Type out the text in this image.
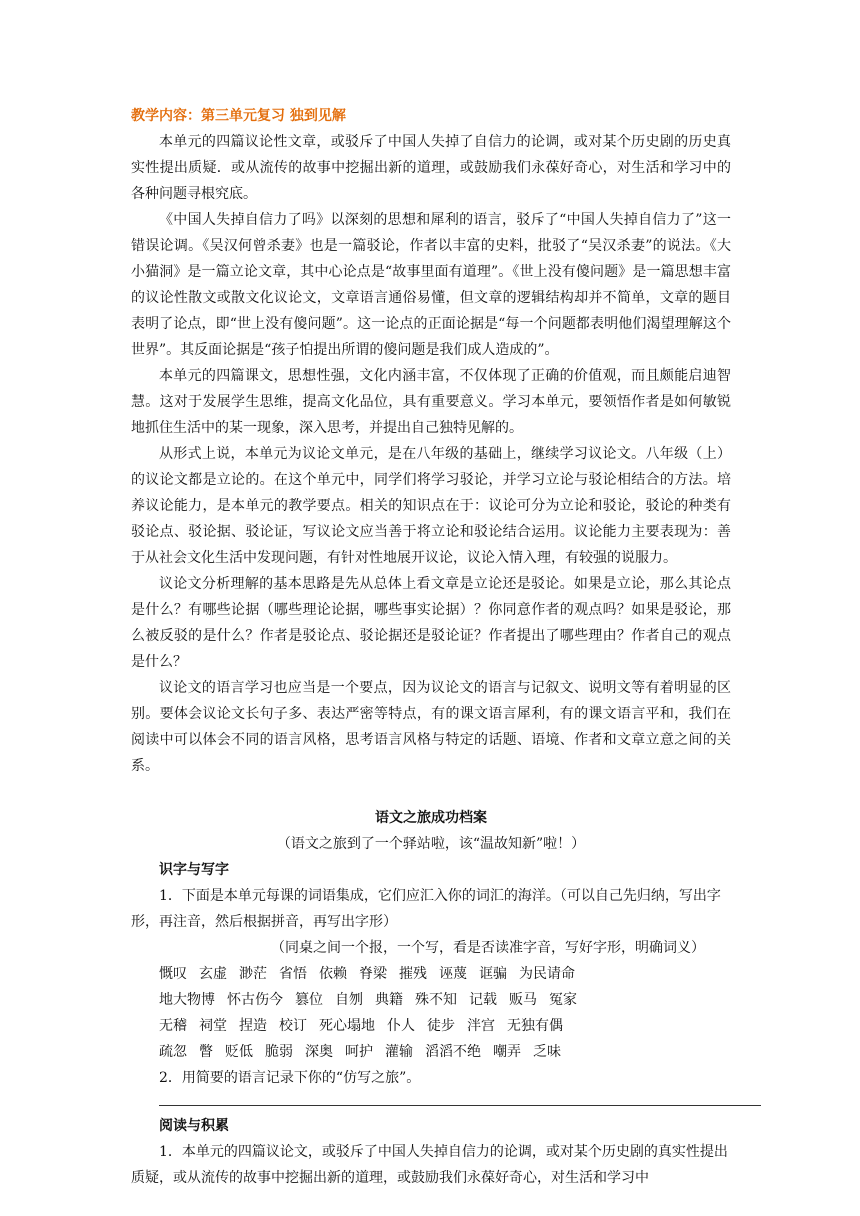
教学内容：第三单元复习 独到见解

本单元的四篇议论性文章，或驳斥了中国人失掉了自信力的论调，或对某个历史剧的历史真实性提出质疑．或从流传的故事中挖掘出新的道理，或鼓励我们永葆好奇心，对生活和学习中的各种问题寻根究底。

《中国人失掉自信力了吗》以深刻的思想和犀利的语言，驳斥了“中国人失掉自信力了”这一错误论调。《吴汉何曾杀妻》也是一篇驳论，作者以丰富的史料，批驳了“吴汉杀妻”的说法。《大小猫洞》是一篇立论文章，其中心论点是“故事里面有道理”。《世上没有傻问题》是一篇思想丰富的议论性散文或散文化议论文，文章语言通俗易懂，但文章的逻辑结构却并不简单，文章的题目表明了论点，即“世上没有傻问题”。这一论点的正面论据是“每一个问题都表明他们渴望理解这个世界”。其反面论据是“孩子怕提出所谓的傻问题是我们成人造成的”。

本单元的四篇课文，思想性强，文化内涵丰富，不仅体现了正确的价值观，而且颇能启迪智慧。这对于发展学生思维，提高文化品位，具有重要意义。学习本单元，要领悟作者是如何敏锐地抓住生活中的某一现象，深入思考，并提出自己独特见解的。

从形式上说，本单元为议论文单元，是在八年级的基础上，继续学习议论文。八年级（上）的议论文都是立论的。在这个单元中，同学们将学习驳论，并学习立论与驳论相结合的方法。培养议论能力，是本单元的教学要点。相关的知识点在于：议论可分为立论和驳论，驳论的种类有驳论点、驳论据、驳论证，写议论文应当善于将立论和驳论结合运用。议论能力主要表现为：善于从社会文化生活中发现问题，有针对性地展开议论，议论入情入理，有较强的说服力。

议论文分析理解的基本思路是先从总体上看文章是立论还是驳论。如果是立论，那么其论点是什么？有哪些论据（哪些理论论据，哪些事实论据）？你同意作者的观点吗？如果是驳论，那么被反驳的是什么？作者是驳论点、驳论据还是驳论证？作者提出了哪些理由？作者自己的观点是什么？

议论文的语言学习也应当是一个要点，因为议论文的语言与记叙文、说明文等有着明显的区别。要体会议论文长句子多、表达严密等特点，有的课文语言犀利，有的课文语言平和，我们在阅读中可以体会不同的语言风格，思考语言风格与特定的话题、语境、作者和文章立意之间的关系。

语文之旅成功档案

（语文之旅到了一个驿站啦，该“温故知新”啦！）

识字与写字

1．下面是本单元每课的词语集成，它们应汇入你的词汇的海洋。（可以自己先归纳，写出字形，再注音，然后根据拼音，再写出字形）

（同桌之间一个报，一个写，看是否读准字音，写好字形，明确词义）

慨叹 玄虚 渺茫 省悟 依赖 脊梁 摧残 诬蔑 诓骗 为民请命
地大物博 怀古伤今 篡位 自刎 典籍 殊不知 记载 贩马 冤家
无稽 祠堂 捏造 校订 死心塌地 仆人 徒步 泮宫 无独有偶
疏忽 瞥 贬低 脆弱 深奥 呵护 灌输 滔滔不绝 嘲弄 乏味

2．用简要的语言记录下你的“仿写之旅”。

阅读与积累

1．本单元的四篇议论文，或驳斥了中国人失掉自信力的论调，或对某个历史剧的真实性提出质疑，或从流传的故事中挖掘出新的道理，或鼓励我们永葆好奇心，对生活和学习中
